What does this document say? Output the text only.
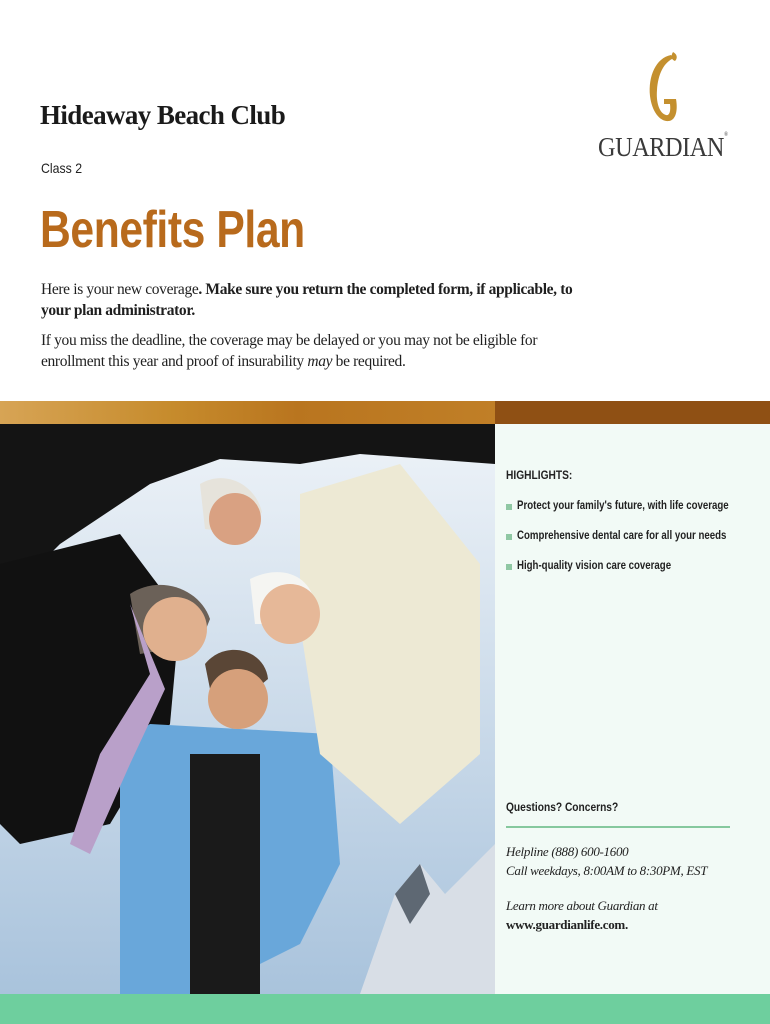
Hideaway Beach Club
Class 2
GUARDIAN®
Benefits Plan

Here is your new coverage. Make sure you return the completed form, if applicable, to your plan administrator.

If you miss the deadline, the coverage may be delayed or you may not be eligible for enrollment this year and proof of insurability may be required.

HIGHLIGHTS:
Protect your family's future, with life coverage
Comprehensive dental care for all your needs
High-quality vision care coverage
Questions? Concerns?
Helpline (888) 600-1600
Call weekdays, 8:00AM to 8:30PM, EST
Learn more about Guardian at
www.guardianlife.com.
